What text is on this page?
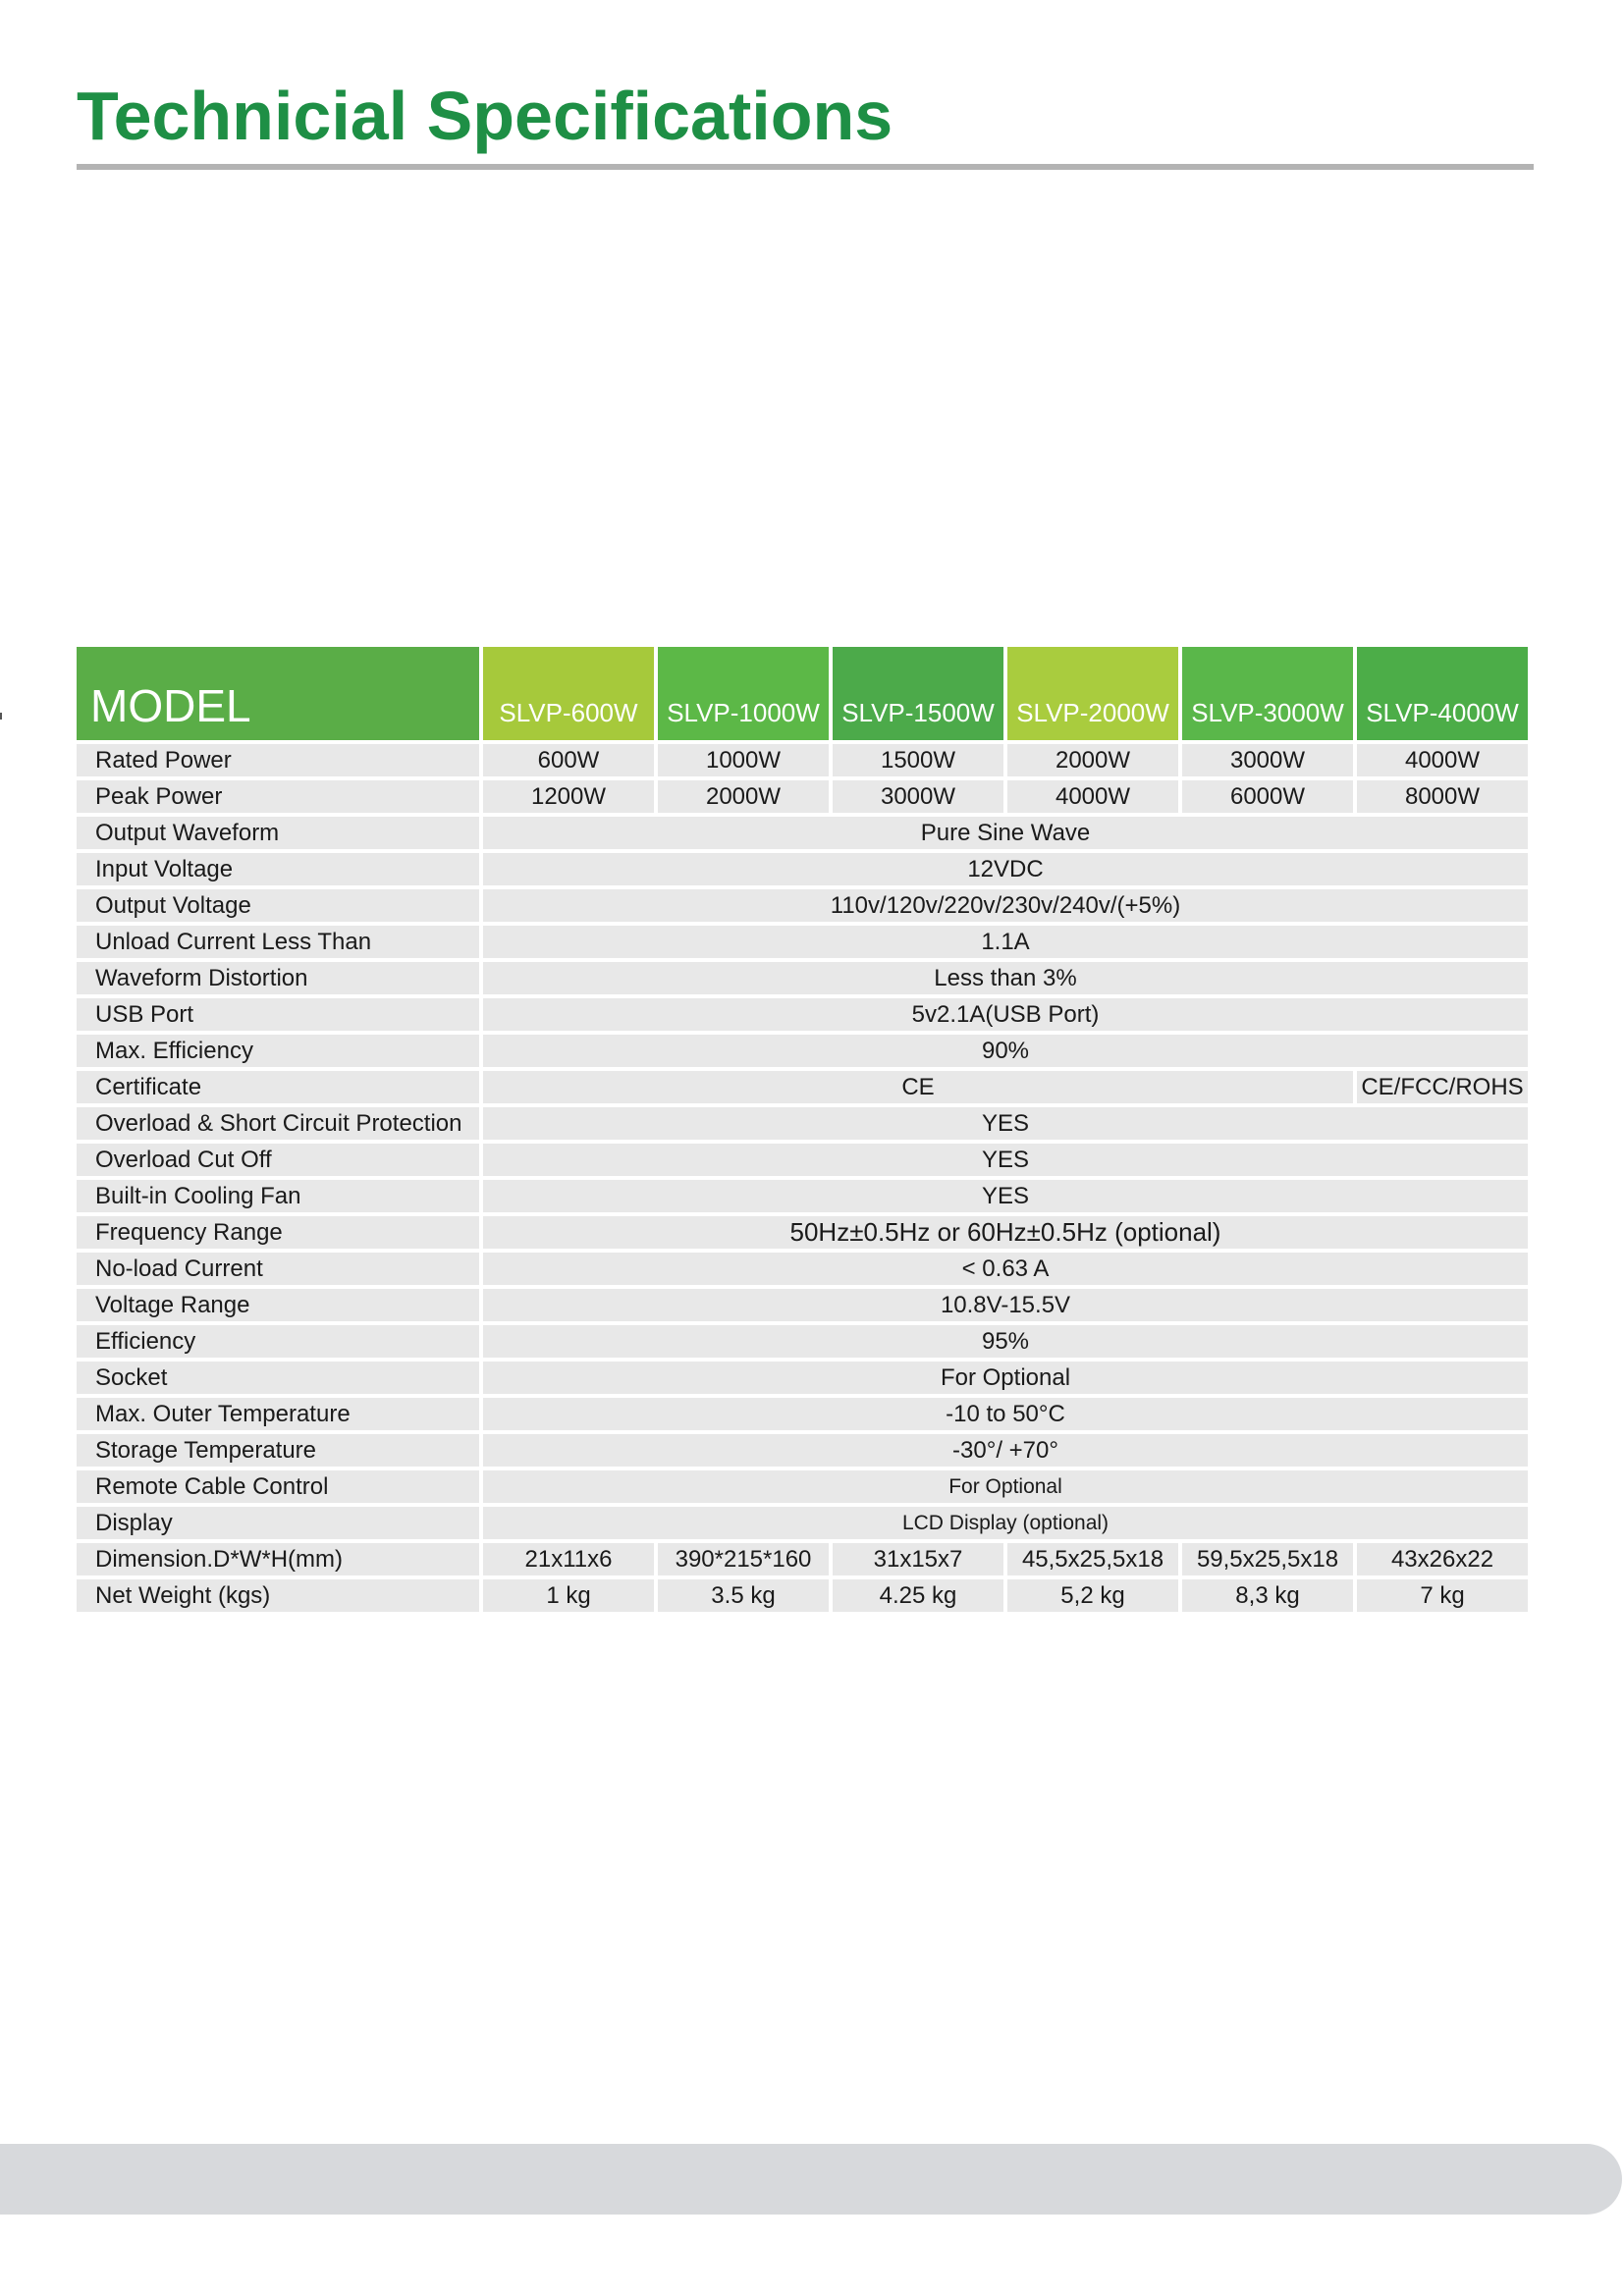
Technicial Specifications
MODEL	SLVP-600W	SLVP-1000W	SLVP-1500W	SLVP-2000W	SLVP-3000W	SLVP-4000W
Rated Power	600W	1000W	1500W	2000W	3000W	4000W
Peak Power	1200W	2000W	3000W	4000W	6000W	8000W
Output Waveform	Pure Sine Wave					
Input Voltage	12VDC					
Output Voltage	110v/120v/220v/230v/240v/(+5%)					
Unload Current Less Than	1.1A					
Waveform Distortion	Less than 3%					
USB Port	5v2.1A(USB Port)					
Max. Efficiency	90%					
Certificate	CE					CE/FCC/ROHS
Overload & Short Circuit Protection	YES					
Overload Cut Off	YES					
Built-in Cooling Fan	YES					
Frequency Range	50Hz±0.5Hz or 60Hz±0.5Hz (optional)					
No-load Current	< 0.63 A					
Voltage Range	10.8V-15.5V					
Efficiency	95%					
Socket	For Optional					
Max. Outer Temperature	-10 to 50°C					
Storage Temperature	-30°/ +70°					
Remote Cable Control	For Optional					
Display	LCD Display (optional)					
Dimension.D*W*H(mm)	21x11x6	390*215*160	31x15x7	45,5x25,5x18	59,5x25,5x18	43x26x22
Net Weight (kgs)	1 kg	3.5 kg	4.25 kg	5,2 kg	8,3 kg	7 kg
